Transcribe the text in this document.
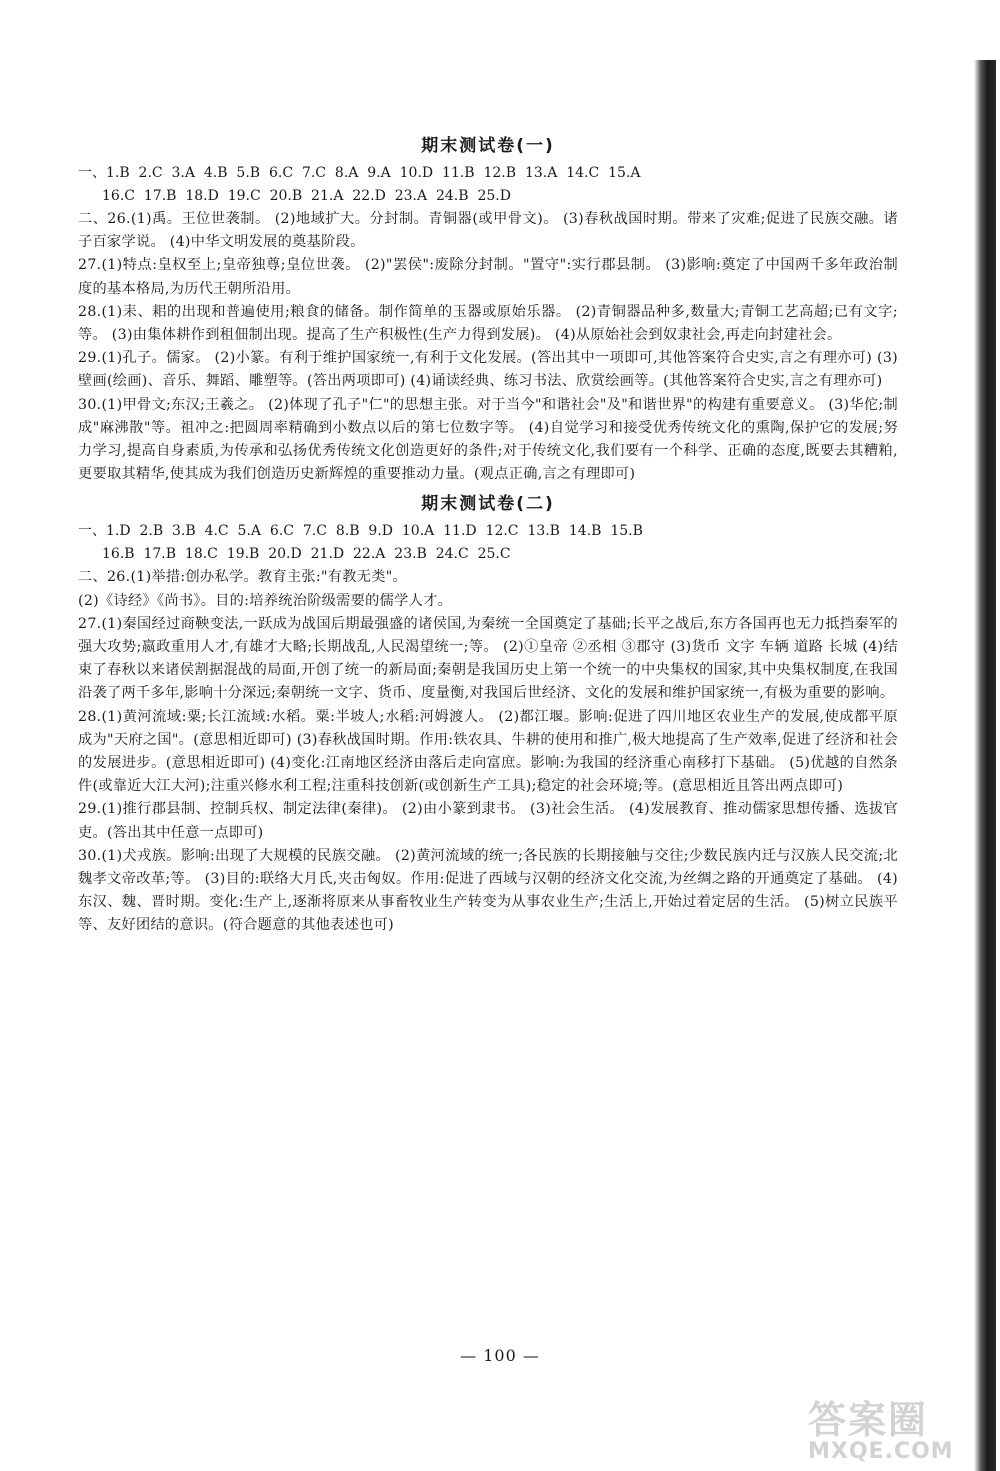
期末测试卷(一)
一、1.B  2.C  3.A  4.B  5.B  6.C  7.C  8.A  9.A  10.D  11.B  12.B  13.A  14.C  15.A
16.C  17.B  18.D  19.C  20.B  21.A  22.D  23.A  24.B  25.D
二、26.(1)禹。王位世袭制。 (2)地域扩大。分封制。青铜器(或甲骨文)。 (3)春秋战国时期。带来了灾难;促进了民族交融。诸子百家学说。 (4)中华文明发展的奠基阶段。
27.(1)特点:皇权至上;皇帝独尊;皇位世袭。 (2)"罢侯":废除分封制。"置守":实行郡县制。 (3)影响:奠定了中国两千多年政治制度的基本格局,为历代王朝所沿用。
28.(1)耒、耜的出现和普遍使用;粮食的储备。制作简单的玉器或原始乐器。 (2)青铜器品种多,数量大;青铜工艺高超;已有文字;等。 (3)由集体耕作到租佃制出现。提高了生产积极性(生产力得到发展)。 (4)从原始社会到奴隶社会,再走向封建社会。
29.(1)孔子。儒家。 (2)小篆。有利于维护国家统一,有利于文化发展。(答出其中一项即可,其他答案符合史实,言之有理亦可) (3)壁画(绘画)、音乐、舞蹈、雕塑等。(答出两项即可) (4)诵读经典、练习书法、欣赏绘画等。(其他答案符合史实,言之有理亦可)
30.(1)甲骨文;东汉;王羲之。 (2)体现了孔子"仁"的思想主张。对于当今"和谐社会"及"和谐世界"的构建有重要意义。 (3)华佗;制成"麻沸散"等。祖冲之:把圆周率精确到小数点以后的第七位数字等。 (4)自觉学习和接受优秀传统文化的熏陶,保护它的发展;努力学习,提高自身素质,为传承和弘扬优秀传统文化创造更好的条件;对于传统文化,我们要有一个科学、正确的态度,既要去其糟粕,更要取其精华,使其成为我们创造历史新辉煌的重要推动力量。(观点正确,言之有理即可)
期末测试卷(二)
一、1.D  2.B  3.B  4.C  5.A  6.C  7.C  8.B  9.D  10.A  11.D  12.C  13.B  14.B  15.B
16.B  17.B  18.C  19.B  20.D  21.D  22.A  23.B  24.C  25.C
二、26.(1)举措:创办私学。教育主张:"有教无类"。
(2)《诗经》《尚书》。目的:培养统治阶级需要的儒学人才。
27.(1)秦国经过商鞅变法,一跃成为战国后期最强盛的诸侯国,为秦统一全国奠定了基础;长平之战后,东方各国再也无力抵挡秦军的强大攻势;嬴政重用人才,有雄才大略;长期战乱,人民渴望统一;等。 (2)①皇帝 ②丞相 ③郡守 (3)货币 文字 车辆 道路 长城 (4)结束了春秋以来诸侯割据混战的局面,开创了统一的新局面;秦朝是我国历史上第一个统一的中央集权的国家,其中央集权制度,在我国沿袭了两千多年,影响十分深远;秦朝统一文字、货币、度量衡,对我国后世经济、文化的发展和维护国家统一,有极为重要的影响。
28.(1)黄河流域:粟;长江流域:水稻。粟:半坡人;水稻:河姆渡人。 (2)都江堰。影响:促进了四川地区农业生产的发展,使成都平原成为"天府之国"。(意思相近即可) (3)春秋战国时期。作用:铁农具、牛耕的使用和推广,极大地提高了生产效率,促进了经济和社会的发展进步。(意思相近即可) (4)变化:江南地区经济由落后走向富庶。影响:为我国的经济重心南移打下基础。 (5)优越的自然条件(或靠近大江大河);注重兴修水利工程;注重科技创新(或创新生产工具);稳定的社会环境;等。(意思相近且答出两点即可)
29.(1)推行郡县制、控制兵权、制定法律(秦律)。 (2)由小篆到隶书。 (3)社会生活。 (4)发展教育、推动儒家思想传播、选拔官吏。(答出其中任意一点即可)
30.(1)犬戎族。影响:出现了大规模的民族交融。 (2)黄河流域的统一;各民族的长期接触与交往;少数民族内迁与汉族人民交流;北魏孝文帝改革;等。 (3)目的:联络大月氏,夹击匈奴。作用:促进了西域与汉朝的经济文化交流,为丝绸之路的开通奠定了基础。 (4)东汉、魏、晋时期。变化:生产上,逐渐将原来从事畜牧业生产转变为从事农业生产;生活上,开始过着定居的生活。 (5)树立民族平等、友好团结的意识。(符合题意的其他表述也可)
— 100 —
答案圈
MXQE.COM
